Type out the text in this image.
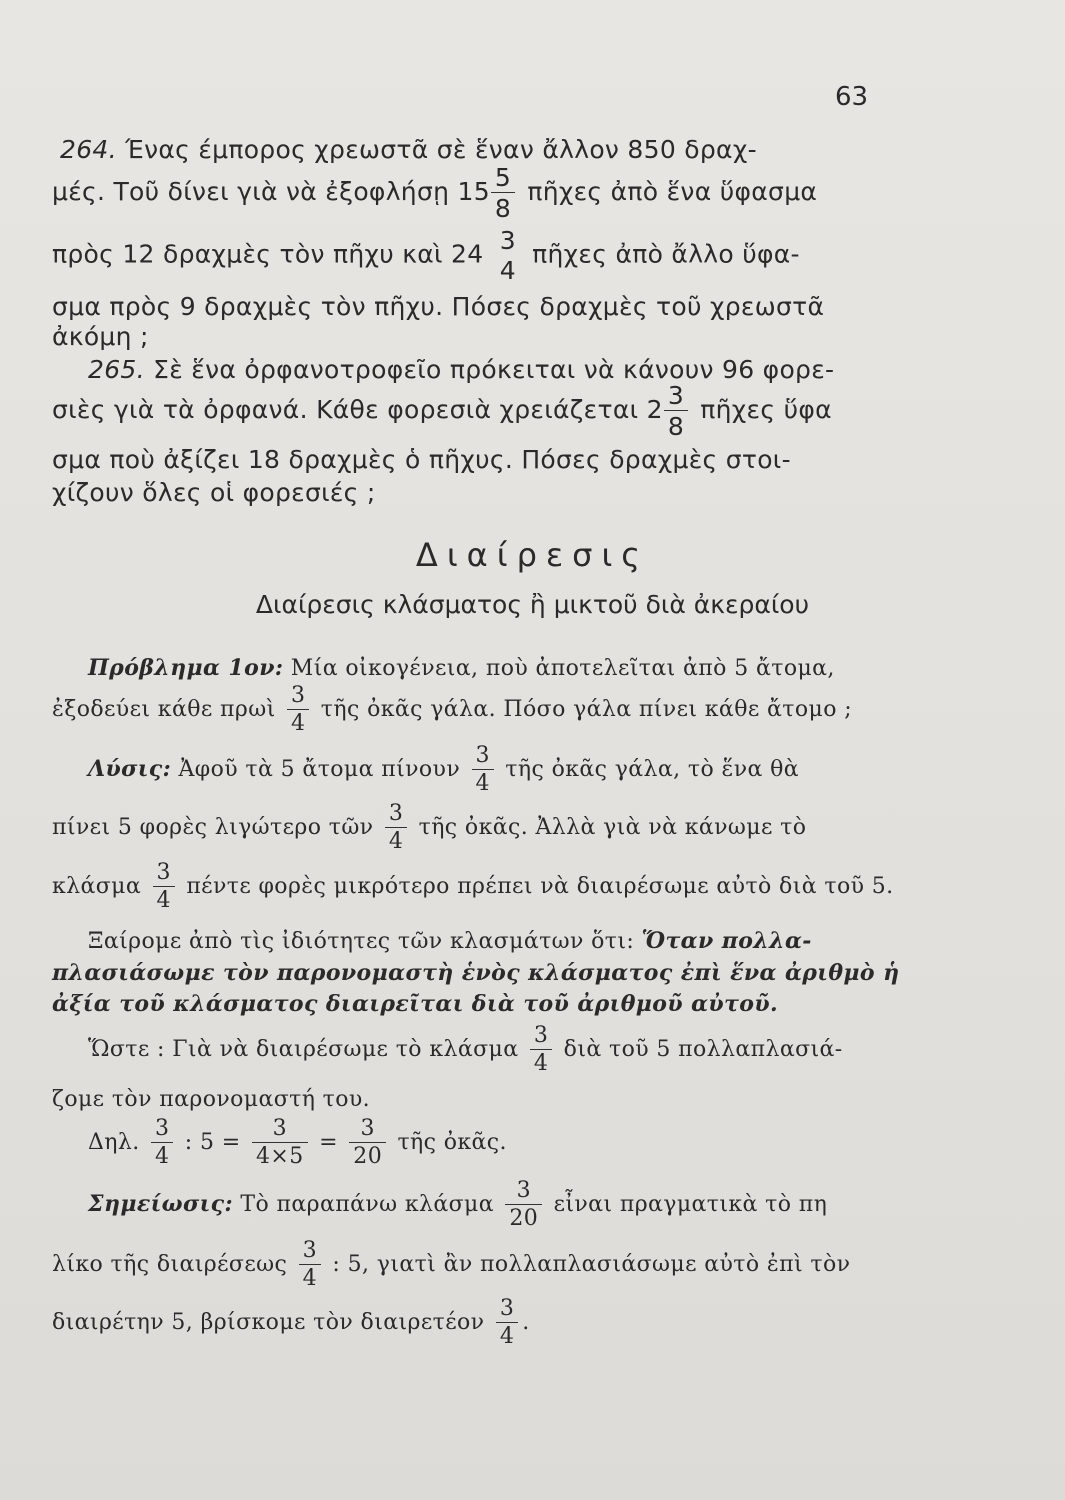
63
264. Ένας έμπορος χρεωστᾶ σὲ ἕναν ἄλλον 850 δραχ-
μές. Τοῦ δίνει γιὰ νὰ ἐξοφλήσῃ $15 \frac{5}{8}$ πῆχες ἀπὸ ἕνα ὕφασμα
πρὸς 12 δραχμὲς τὸν πῆχυ καὶ 24 3
4
πῆχες ἀπὸ ἄλλο ὕφα-
σμα πρὸς 9 δραχμὲς τὸν πῆχυ. Πόσες δραχμὲς τοῦ χρεωστᾶ
ἀκόμη ;
265. Σὲ ἕνα ὀρφανοτροφεῖο πρόκειται νὰ κάνουν 96 φορε-
σιὲς γιὰ τὰ ὀρφανά. Κάθε φορεσιὰ χρειάζεται $2 \frac{3}{8}$ πῆχες ὕφα
σμα ποὺ ἀξίζει 18 δραχμὲς ὁ πῆχυς. Πόσες δραχμὲς στοι-
χίζουν ὅλες οἱ φορεσιές ;
Διαίρεσις
Διαίρεσις κλάσματος ἢ μικτοῦ διὰ ἀκεραίου
Πρόβλημα 1ον: Μία οἰκογένεια, ποὺ ἀποτελεῖται ἀπὸ 5 ἄτομα,
ἐξοδεύει κάθε πρωὶ $\frac{3}{4}$ τῆς ὀκᾶς γάλα. Πόσο γάλα πίνει κάθε ἄτομο ;
Λύσις: Ἀφοῦ τὰ 5 ἄτομα πίνουν $\frac{3}{4}$ τῆς ὀκᾶς γάλα, τὸ ἕνα θὰ
πίνει 5 φορὲς λιγώτερο τῶν $\frac{3}{4}$ τῆς ὀκᾶς. Ἀλλὰ γιὰ νὰ κάνωμε τὸ
κλάσμα $\frac{3}{4}$ πέντε φορὲς μικρότερο πρέπει νὰ διαιρέσωμε αὐτὸ διὰ τοῦ 5.
Ξαίρομε ἀπὸ τὶς ἰδιότητες τῶν κλασμάτων ὅτι: Ὅταν πολλα-
πλασιάσωμε τὸν παρονομαστὴ ἑνὸς κλάσματος ἐπὶ ἕνα ἀριθμὸ ἡ
ἀξία τοῦ κλάσματος διαιρεῖται διὰ τοῦ ἀριθμοῦ αὐτοῦ.
Ὥστε : Γιὰ νὰ διαιρέσωμε τὸ κλάσμα $\frac{3}{4}$ διὰ τοῦ 5 πολλαπλασιά-
ζομε τὸν παρονομαστή του.
Δηλ. $\frac{3}{4}$ : $5 = \frac{3}{4\times 5} = \frac{3}{20}$ τῆς ὀκᾶς.
Σημείωσις: Τὸ παραπάνω κλάσμα $\frac{3}{20}$ εἶναι πραγματικὰ τὸ πη
λίκο τῆς διαιρέσεως $\frac{3}{4}$ : 5, γιατὶ ἂν πολλαπλασιάσωμε αὐτὸ ἐπὶ τὸν
διαιρέτην 5, βρίσκομε τὸν διαιρετέον $\frac{3}{4}$ .
